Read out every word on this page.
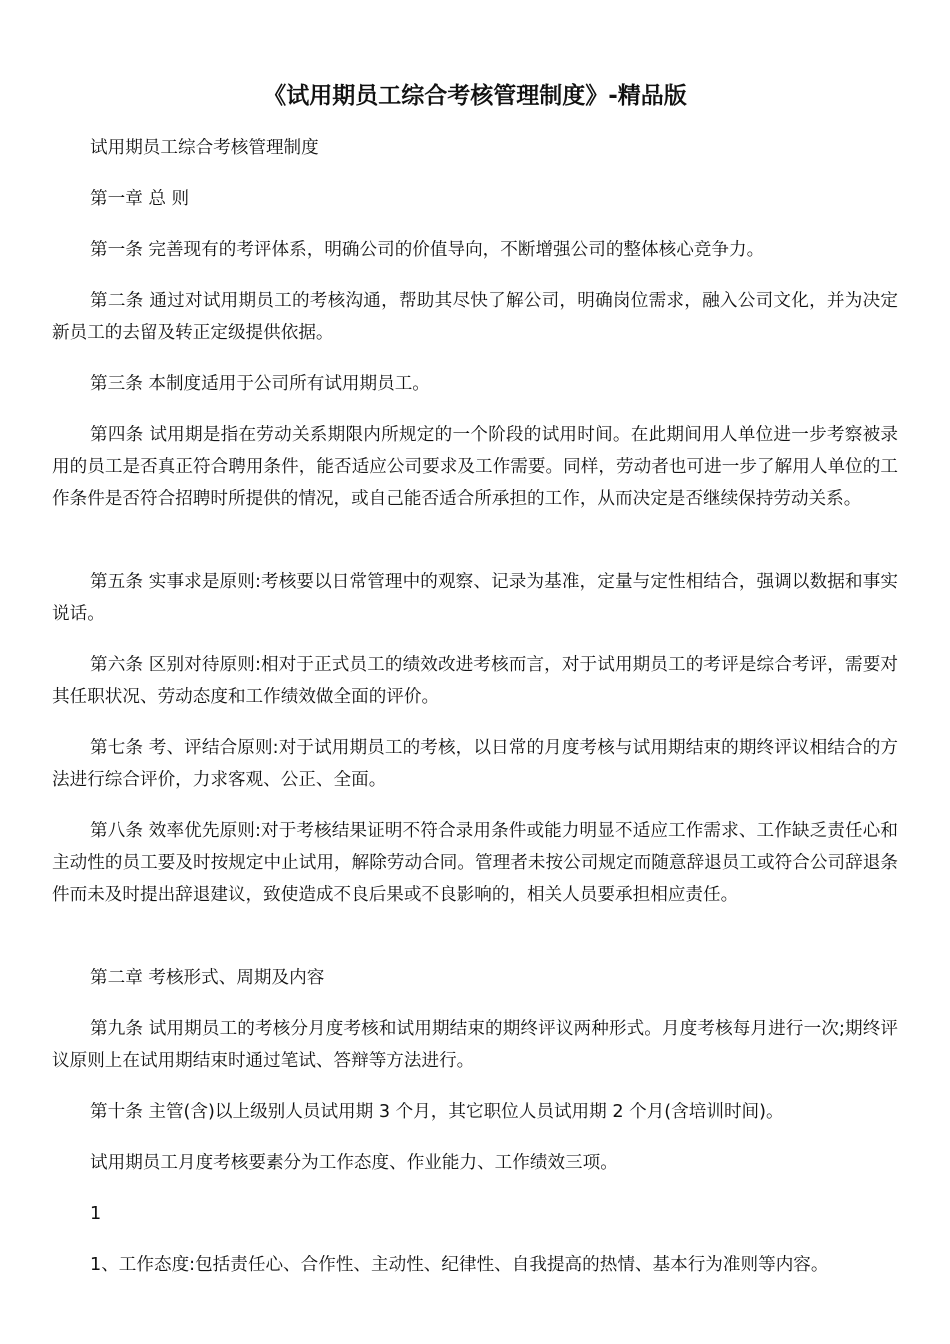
《试用期员工综合考核管理制度》-精品版

试用期员工综合考核管理制度

第一章 总 则

第一条 完善现有的考评体系，明确公司的价值导向，不断增强公司的整体核心竞争力。

第二条 通过对试用期员工的考核沟通，帮助其尽快了解公司，明确岗位需求，融入公司文化，并为决定新员工的去留及转正定级提供依据。

第三条 本制度适用于公司所有试用期员工。

第四条 试用期是指在劳动关系期限内所规定的一个阶段的试用时间。在此期间用人单位进一步考察被录用的员工是否真正符合聘用条件，能否适应公司要求及工作需要。同样，劳动者也可进一步了解用人单位的工作条件是否符合招聘时所提供的情况，或自己能否适合所承担的工作，从而决定是否继续保持劳动关系。

第五条 实事求是原则:考核要以日常管理中的观察、记录为基准，定量与定性相结合，强调以数据和事实说话。

第六条 区别对待原则:相对于正式员工的绩效改进考核而言，对于试用期员工的考评是综合考评，需要对其任职状况、劳动态度和工作绩效做全面的评价。

第七条 考、评结合原则:对于试用期员工的考核，以日常的月度考核与试用期结束的期终评议相结合的方法进行综合评价，力求客观、公正、全面。

第八条 效率优先原则:对于考核结果证明不符合录用条件或能力明显不适应工作需求、工作缺乏责任心和主动性的员工要及时按规定中止试用，解除劳动合同。管理者未按公司规定而随意辞退员工或符合公司辞退条件而未及时提出辞退建议，致使造成不良后果或不良影响的，相关人员要承担相应责任。

第二章 考核形式、周期及内容

第九条 试用期员工的考核分月度考核和试用期结束的期终评议两种形式。月度考核每月进行一次;期终评议原则上在试用期结束时通过笔试、答辩等方法进行。

第十条 主管(含)以上级别人员试用期 3 个月，其它职位人员试用期 2 个月(含培训时间)。

试用期员工月度考核要素分为工作态度、作业能力、工作绩效三项。

1

1、工作态度:包括责任心、合作性、主动性、纪律性、自我提高的热情、基本行为准则等内容。
